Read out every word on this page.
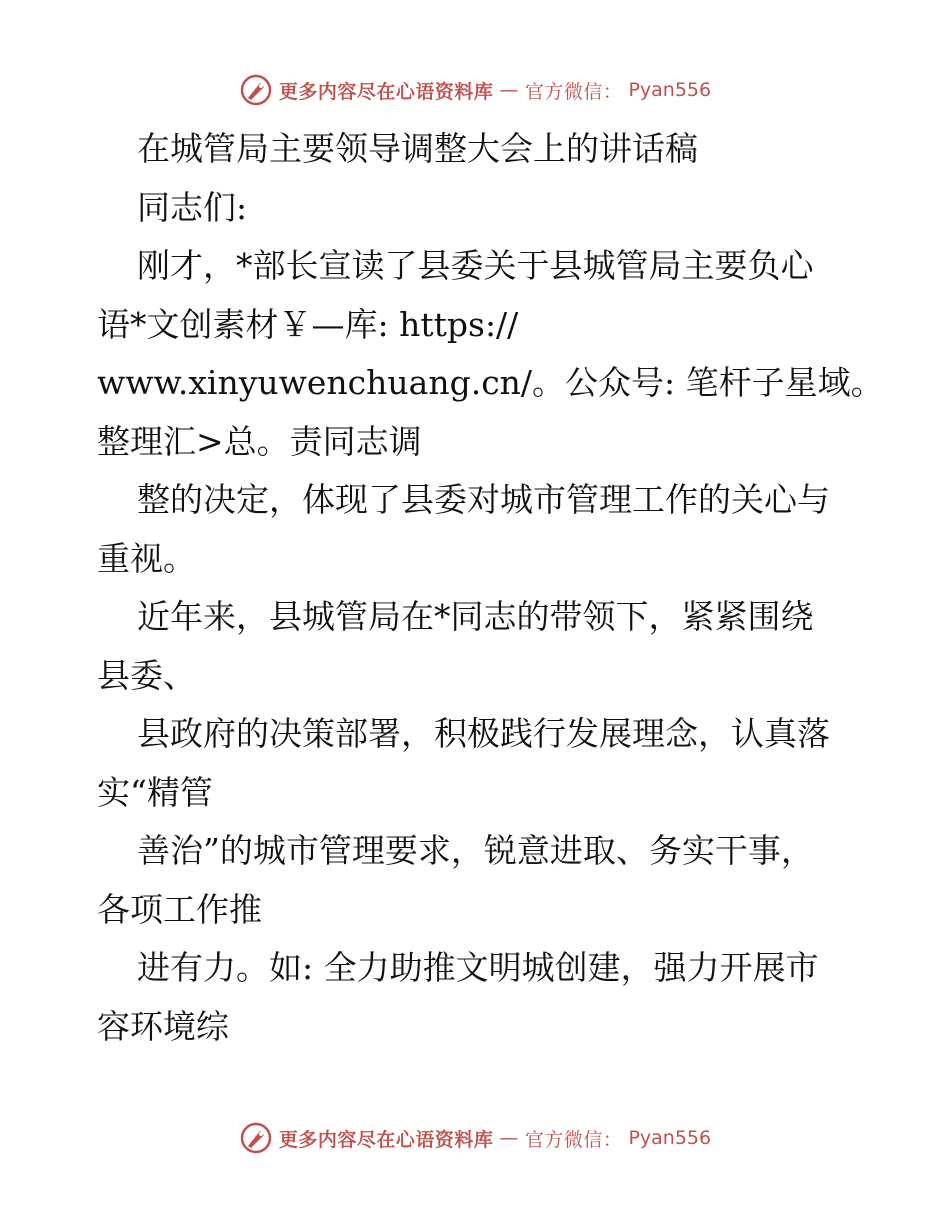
更多内容尽在心语资料库 — 官方微信： Pyan556
在城管局主要领导调整大会上的讲话稿
同志们:
刚才，*部长宣读了县委关于县城管局主要负心
语*文创素材￥—库: https://
www.xinyuwenchuang.cn/。公众号: 笔杆子星域。
整理汇>总。责同志调
整的决定，体现了县委对城市管理工作的关心与
重视。
近年来，县城管局在*同志的带领下，紧紧围绕
县委、
县政府的决策部署，积极践行发展理念，认真落
实“精管
善治”的城市管理要求，锐意进取、务实干事，
各项工作推
进有力。如: 全力助推文明城创建，强力开展市
容环境综
更多内容尽在心语资料库 — 官方微信： Pyan556
